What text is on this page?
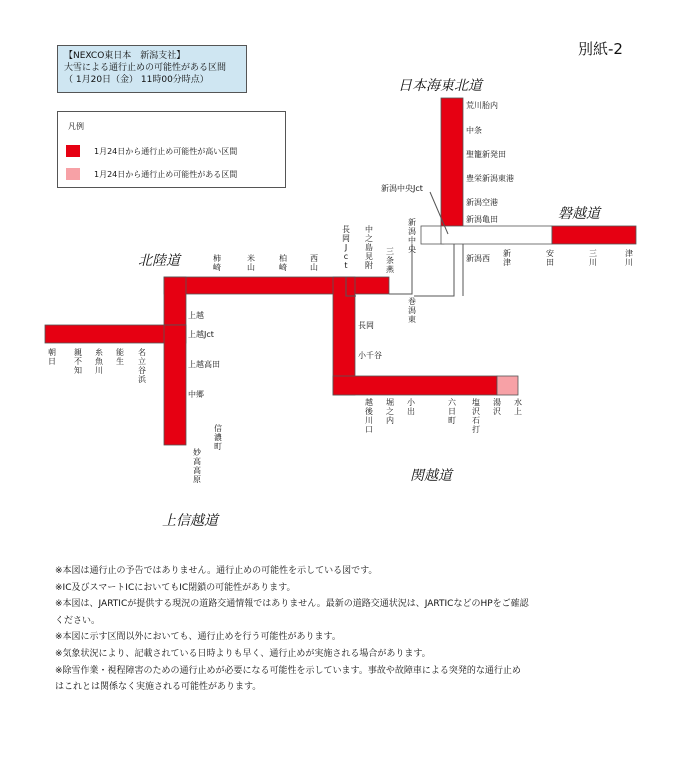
【NEXCO東日本　新潟支社】
大雪による通行止めの可能性がある区間
（ 1月20日（金） 11時00分時点）
別紙-2
凡例
1月24日から通行止め可能性が高い区間
1月24日から通行止め可能性がある区間
日本海東北道
磐越道
北陸道
関越道
上信越道
荒川胎内
中条
聖籠新発田
豊栄新潟東港
新潟空港
新潟亀田
新潟中央Jct
新潟西
上越
上越Jct
上越高田
中郷
長岡
小千谷
新潟中央
三条燕
巻潟東
中之島見附
長岡 J c t
西山
柏崎
米山
柿崎
新津
安田
三川
津川
朝日
親不知
糸魚川
能生
名立谷浜
妙高高原
信濃町
越後川口
堀之内
小出
六日町
塩沢石打
湯沢
水上

※本図は通行止の予告ではありません。通行止めの可能性を示している図です。

※IC及びスマートICにおいてもIC閉鎖の可能性があります。

※本図は、JARTICが提供する現況の道路交通情報ではありません。最新の道路交通状況は、JARTICなどのHPをご確認

ください。

※本図に示す区間以外においても、通行止めを行う可能性があります。

※気象状況により、記載されている日時よりも早く、通行止めが実施される場合があります。

※除雪作業・視程障害のための通行止めが必要になる可能性を示しています。事故や故障車による突発的な通行止め

はこれとは関係なく実施される可能性があります。
